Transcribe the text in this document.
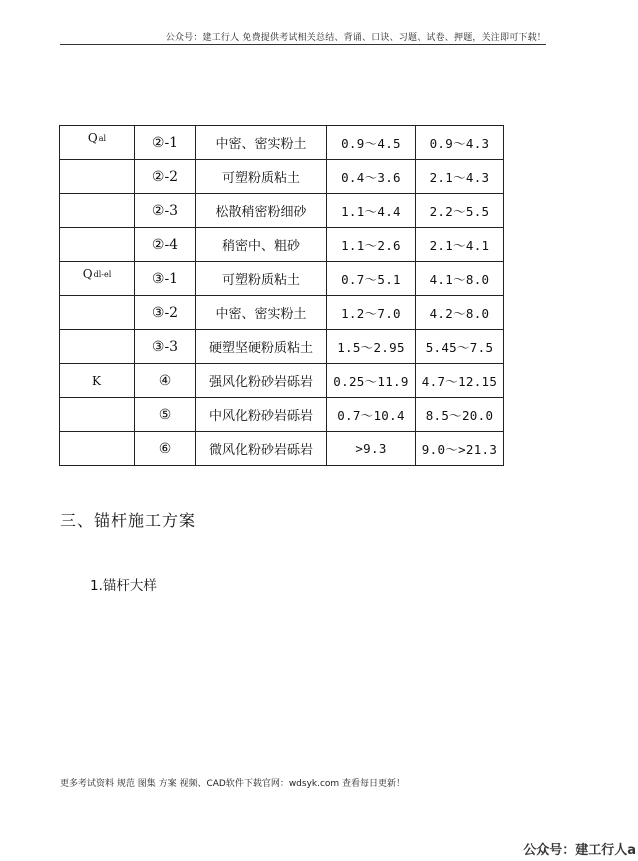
公众号：建工行人 免费提供考试相关总结、背诵、口诀、习题、试卷、押题，关注即可下载！
$Q^{al}$	②-1	中密、密实粉土	0.9～4.5	0.9～4.3
	②-2	可塑粉质粘土	0.4～3.6	2.1～4.3
	②-3	松散稍密粉细砂	1.1～4.4	2.2～5.5
	②-4	稍密中、粗砂	1.1～2.6	2.1～4.1
$Q^{dl-el}$	③-1	可塑粉质粘土	0.7～5.1	4.1～8.0
	③-2	中密、密实粉土	1.2～7.0	4.2～8.0
	③-3	硬塑坚硬粉质粘土	1.5～2.95	5.45～7.5
K	④	强风化粉砂岩砾岩	0.25～11.9	4.7～12.15
	⑤	中风化粉砂岩砾岩	0.7～10.4	8.5～20.0
	⑥	微风化粉砂岩砾岩	>9.3	9.0～>21.3
三、锚杆施工方案
1.锚杆大样
更多考试资料 规范 图集 方案 视频、CAD软件下载官网：wdsyk.com 查看每日更新！
公众号：建工行人a
